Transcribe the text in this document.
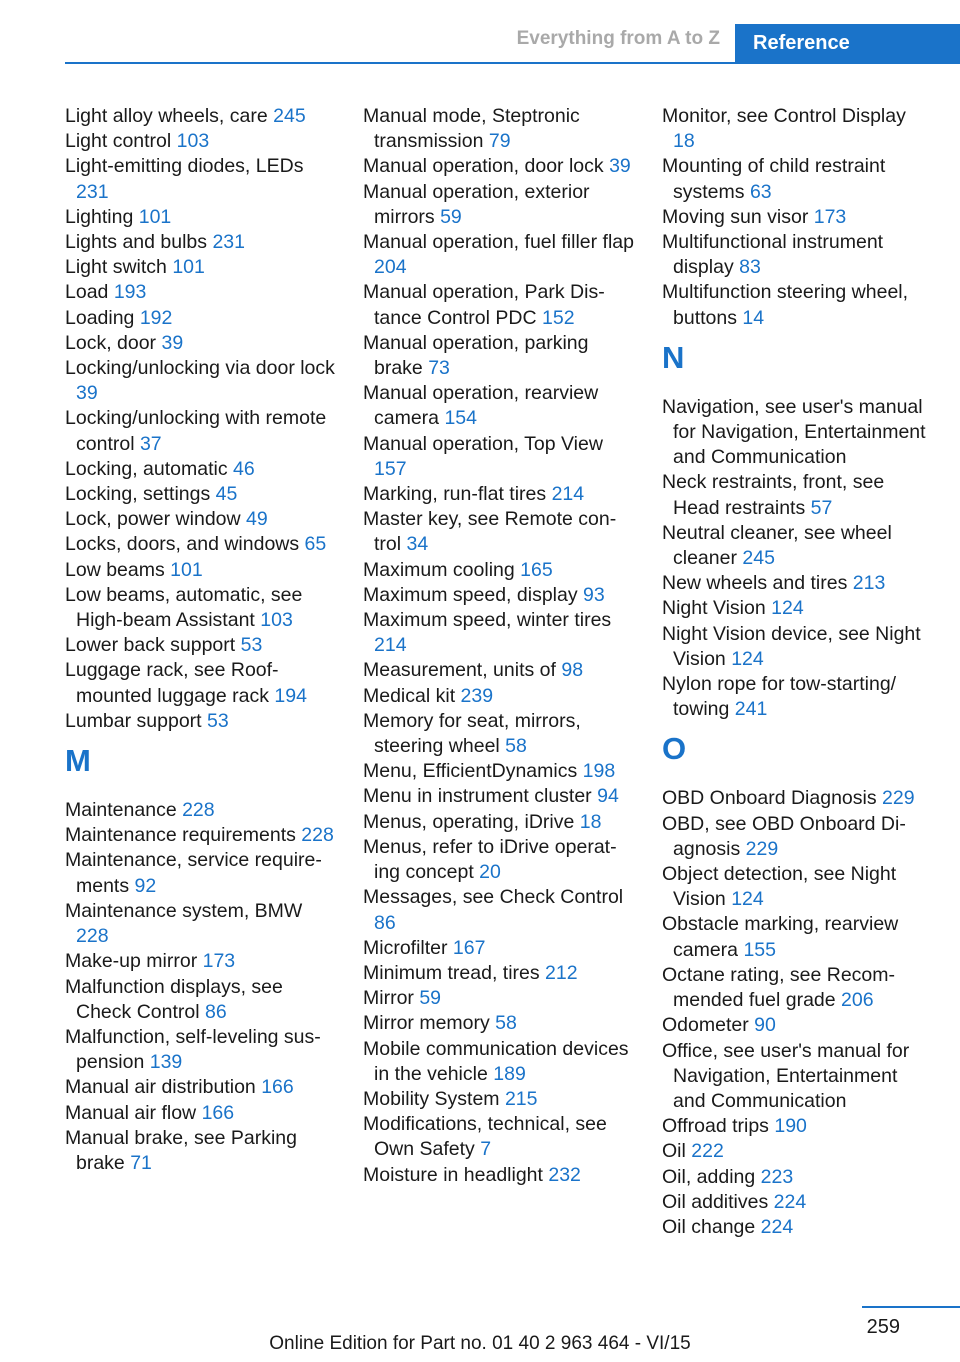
Everything from A to Z	Reference

Light alloy wheels, care 245

Light control 103

Light-emitting diodes, LEDs 231

Lighting 101

Lights and bulbs 231

Light switch 101

Load 193

Loading 192

Lock, door 39

Locking/unlocking via door lock 39

Locking/unlocking with remote control 37

Locking, automatic 46

Locking, settings 45

Lock, power window 49

Locks, doors, and windows 65

Low beams 101

Low beams, automatic, see High-beam Assistant 103

Lower back support 53

Luggage rack, see Roof-mounted luggage rack 194

Lumbar support 53

M

Maintenance 228

Maintenance requirements 228

Maintenance, service requirements 92

Maintenance system, BMW 228

Make-up mirror 173

Malfunction displays, see Check Control 86

Malfunction, self-leveling suspension 139

Manual air distribution 166

Manual air flow 166

Manual brake, see Parking brake 71

Manual mode, Steptronic transmission 79

Manual operation, door lock 39

Manual operation, exterior mirrors 59

Manual operation, fuel filler flap 204

Manual operation, Park Distance Control PDC 152

Manual operation, parking brake 73

Manual operation, rearview camera 154

Manual operation, Top View 157

Marking, run-flat tires 214

Master key, see Remote control 34

Maximum cooling 165

Maximum speed, display 93

Maximum speed, winter tires 214

Measurement, units of 98

Medical kit 239

Memory for seat, mirrors, steering wheel 58

Menu, EfficientDynamics 198

Menu in instrument cluster 94

Menus, operating, iDrive 18

Menus, refer to iDrive operating concept 20

Messages, see Check Control 86

Microfilter 167

Minimum tread, tires 212

Mirror 59

Mirror memory 58

Mobile communication devices in the vehicle 189

Mobility System 215

Modifications, technical, see Own Safety 7

Moisture in headlight 232

Monitor, see Control Display 18

Mounting of child restraint systems 63

Moving sun visor 173

Multifunctional instrument display 83

Multifunction steering wheel, buttons 14

N

Navigation, see user's manual for Navigation, Entertainment and Communication

Neck restraints, front, see Head restraints 57

Neutral cleaner, see wheel cleaner 245

New wheels and tires 213

Night Vision 124

Night Vision device, see Night Vision 124

Nylon rope for tow-starting/ towing 241

O

OBD Onboard Diagnosis 229

OBD, see OBD Onboard Diagnosis 229

Object detection, see Night Vision 124

Obstacle marking, rearview camera 155

Octane rating, see Recommended fuel grade 206

Odometer 90

Office, see user's manual for Navigation, Entertainment and Communication

Offroad trips 190

Oil 222

Oil, adding 223

Oil additives 224

Oil change 224

259
Online Edition for Part no. 01 40 2 963 464 - VI/15
